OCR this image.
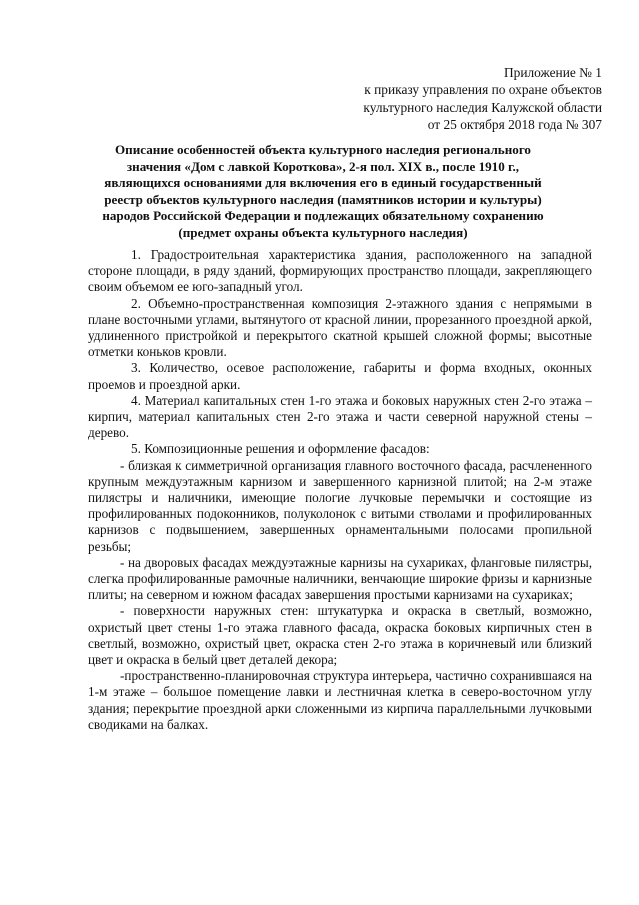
Приложение № 1
к приказу управления по охране объектов
культурного наследия Калужской области
от 25 октября 2018 года № 307
Описание особенностей объекта культурного наследия регионального
значения «Дом с лавкой Короткова», 2-я пол. XIX в., после 1910 г.,
являющихся основаниями для включения его в единый государственный
реестр объектов культурного наследия (памятников истории и культуры)
народов Российской Федерации и подлежащих обязательному сохранению
(предмет охраны объекта культурного наследия)

1. Градостроительная характеристика здания, расположенного на западной стороне площади, в ряду зданий, формирующих пространство площади, закрепляющего своим объемом ее юго-западный угол.

2. Объемно-пространственная композиция 2-этажного здания с непрямыми в плане восточными углами, вытянутого от красной линии, прорезанного проездной аркой, удлиненного пристройкой и перекрытого скатной крышей сложной формы; высотные отметки коньков кровли.

3. Количество, осевое расположение, габариты и форма входных, оконных проемов и проездной арки.

4. Материал капитальных стен 1-го этажа и боковых наружных стен 2-го этажа – кирпич, материал капитальных стен 2-го этажа и части северной наружной стены – дерево.

5. Композиционные решения и оформление фасадов:

- близкая к симметричной организация главного восточного фасада, расчлененного крупным междуэтажным карнизом и завершенного карнизной плитой; на 2-м этаже пилястры и наличники, имеющие пологие лучковые перемычки и состоящие из профилированных подоконников, полуколонок с витыми стволами и профилированных карнизов с подвышением, завершенных орнаментальными полосами пропильной резьбы;

- на дворовых фасадах междуэтажные карнизы на сухариках, фланговые пилястры, слегка профилированные рамочные наличники, венчающие широкие фризы и карнизные плиты; на северном и южном фасадах завершения простыми карнизами на сухариках;

- поверхности наружных стен: штукатурка и окраска в светлый, возможно, охристый цвет стены 1-го этажа главного фасада, окраска боковых кирпичных стен в светлый, возможно, охристый цвет, окраска стен 2-го этажа в коричневый или близкий цвет и окраска в белый цвет деталей декора;

-пространственно-планировочная структура интерьера, частично сохранившаяся на 1-м этаже – большое помещение лавки и лестничная клетка в северо-восточном углу здания; перекрытие проездной арки сложенными из кирпича параллельными лучковыми сводиками на балках.
